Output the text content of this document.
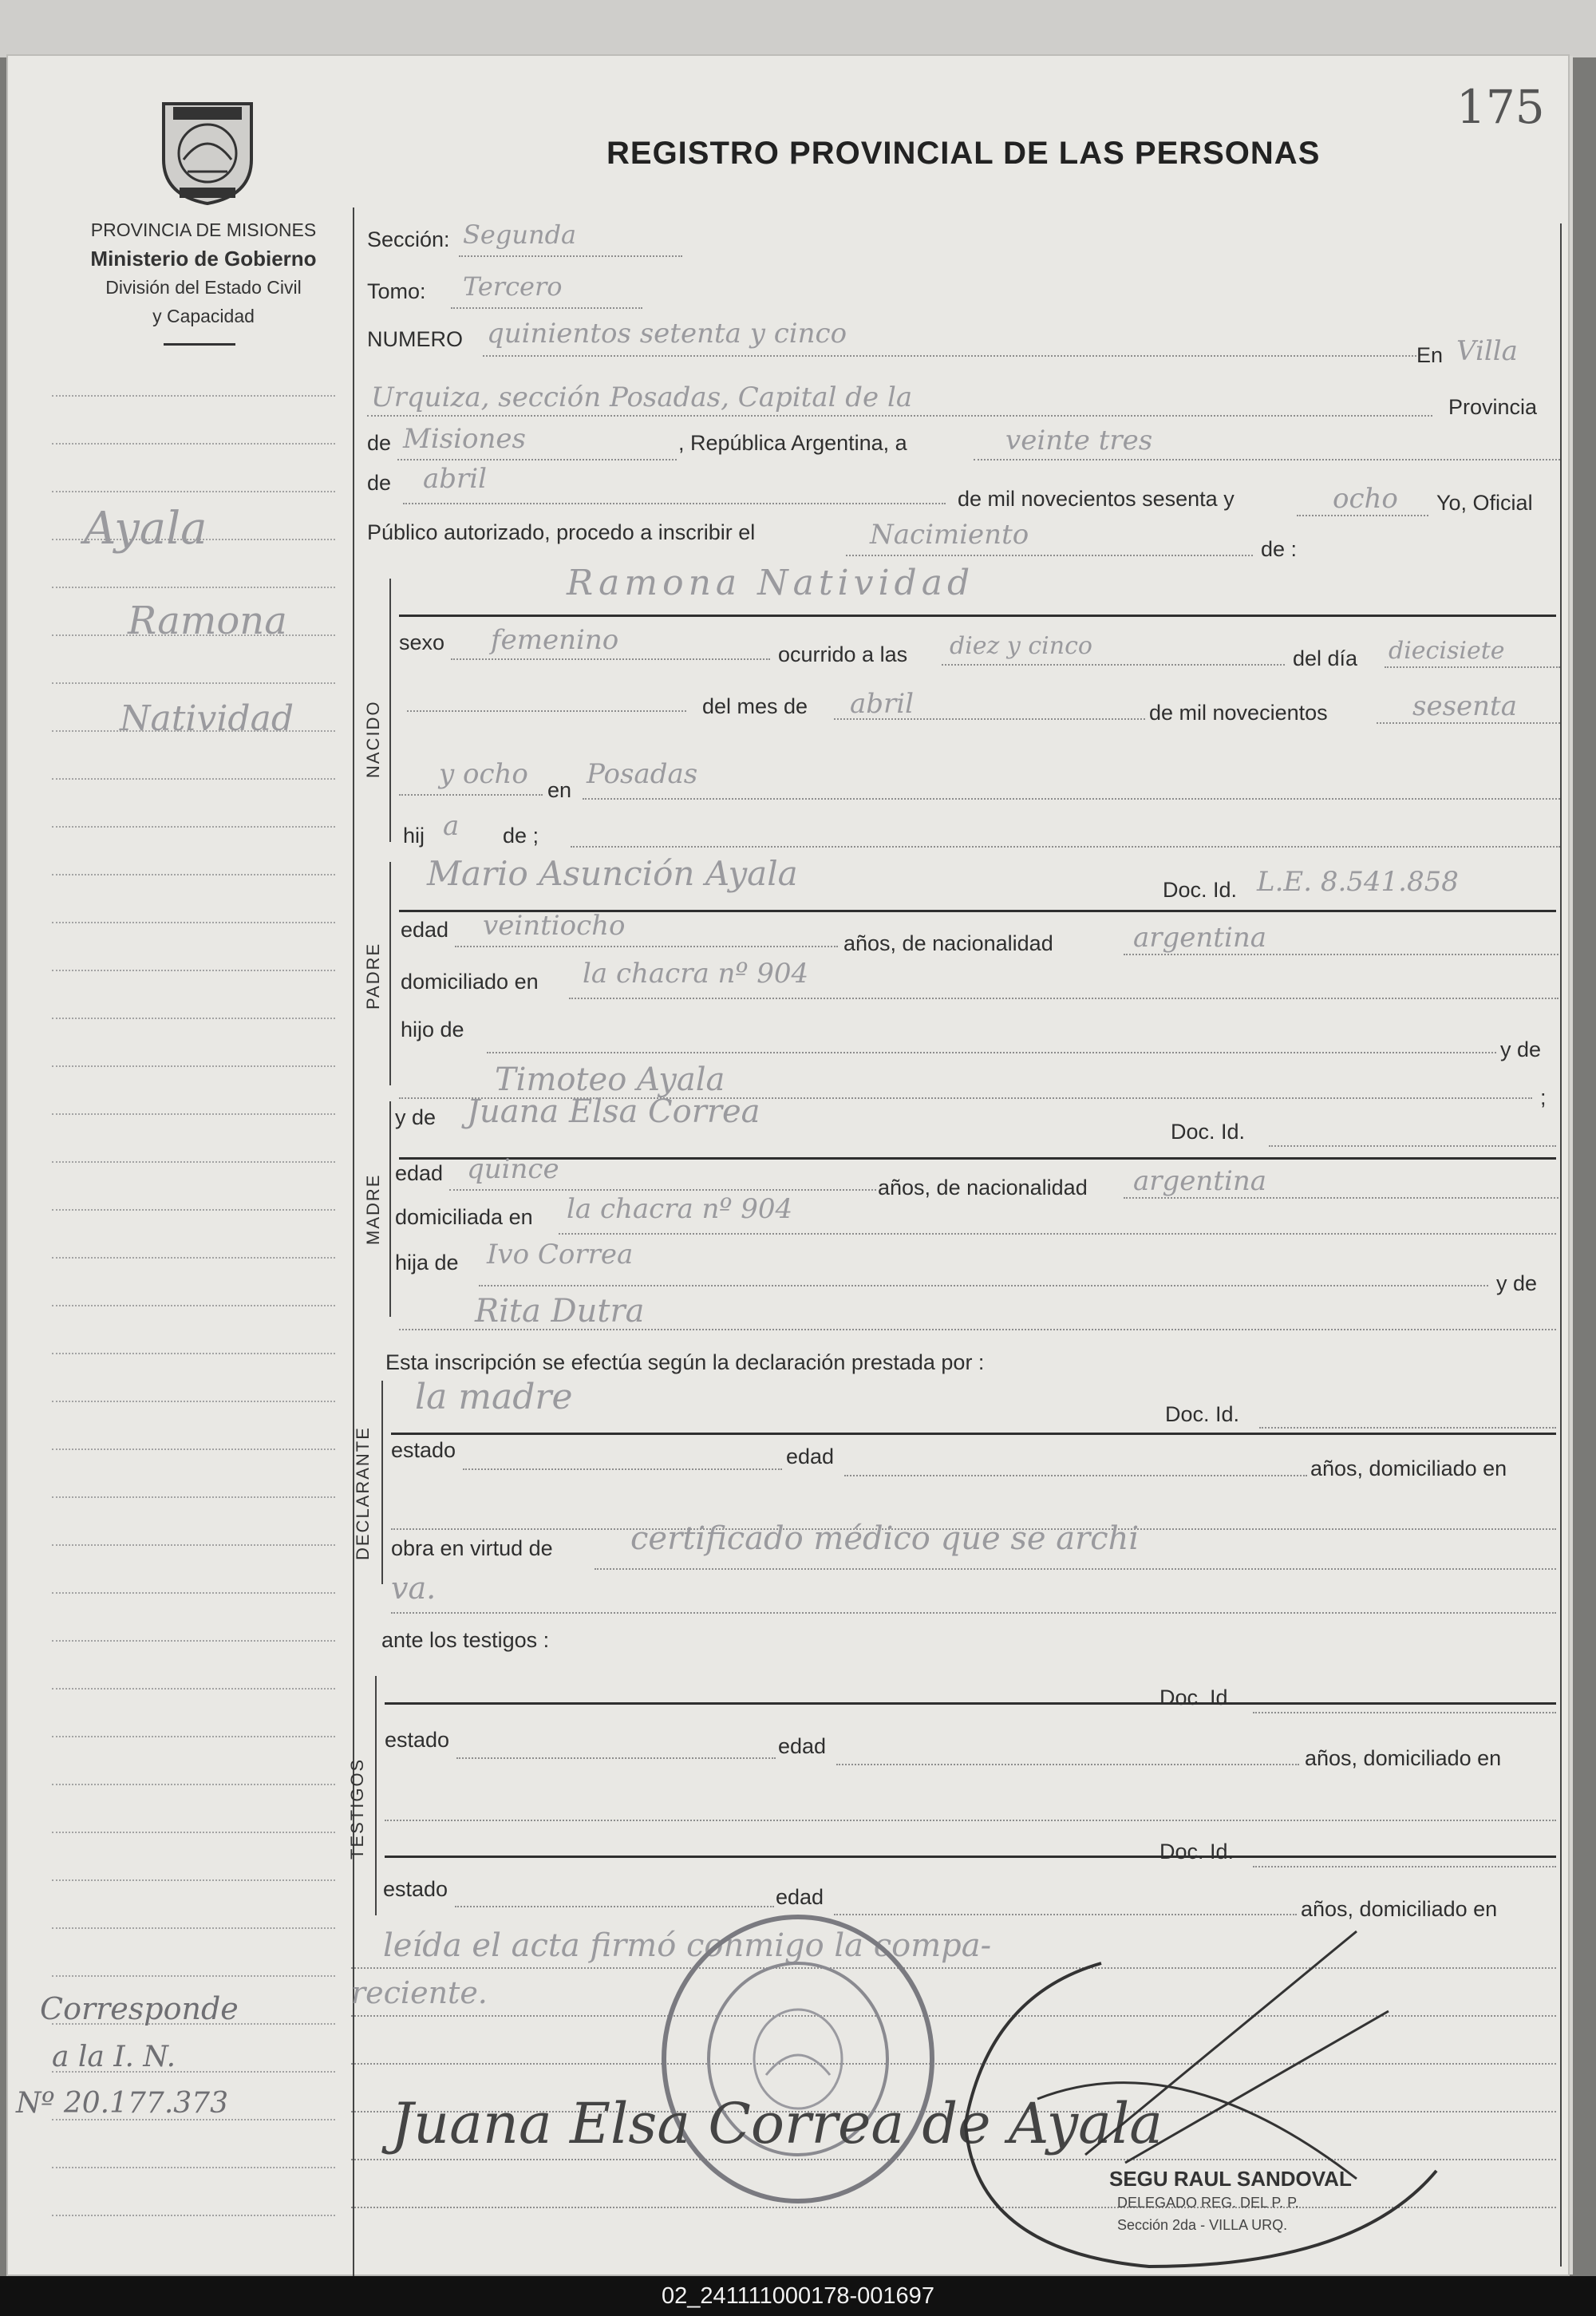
175
PROVINCIA DE MISIONES
Ministerio de Gobierno
División del Estado Civil
y Capacidad
REGISTRO PROVINCIAL DE LAS PERSONAS
Ayala
Ramona
Natividad
Corresponde
a la I. N.
Nº 20.177.373
Sección: Segunda
Tomo: Tercero
NUMERO quinientos setenta y cinco
En Villa
Urquiza, sección Posadas, Capital de la	Provincia
de Misiones	, República Argentina, a	veinte tres
de abril
de mil novecientos sesenta y	ocho Yo, Oficial
Público autorizado, procedo a inscribir el	Nacimiento	de :
NACIDO
Ramona Natividad
sexo femenino	ocurrido a las diez y cinco	del día diecisiete
del mes de abril	de mil novecientos	sesenta
y ocho en Posadas
hij a de ;
PADRE
Mario Asunción Ayala	Doc. Id. L.E. 8.541.858
edad veintiocho
años, de nacionalidad	argentina
domiciliado en la chacra nº 904
hijo de
y de
Timoteo Ayala	;
MADRE
y de Juana Elsa Correa
Doc. Id.
edad quince
años, de nacionalidad argentina
domiciliada en la chacra nº 904
hija de Ivo Correa
y de
Rita Dutra
Esta inscripción se efectúa según la declaración prestada por :
DECLARANTE
la madre	Doc. Id.
estado	edad	años, domiciliado en
obra en virtud de certificado médico que se archi
va.
ante los testigos :
TESTIGOS
Doc. Id.
estado	edad	años, domiciliado en
Doc. Id.
estado	edad	años, domiciliado en
leída el acta firmó conmigo la compa-
reciente.
Juana Elsa Correa de Ayala
SEGU RAUL SANDOVAL
DELEGADO REG. DEL P. P.
Sección 2da - VILLA URQ.
02_241111000178-001697
